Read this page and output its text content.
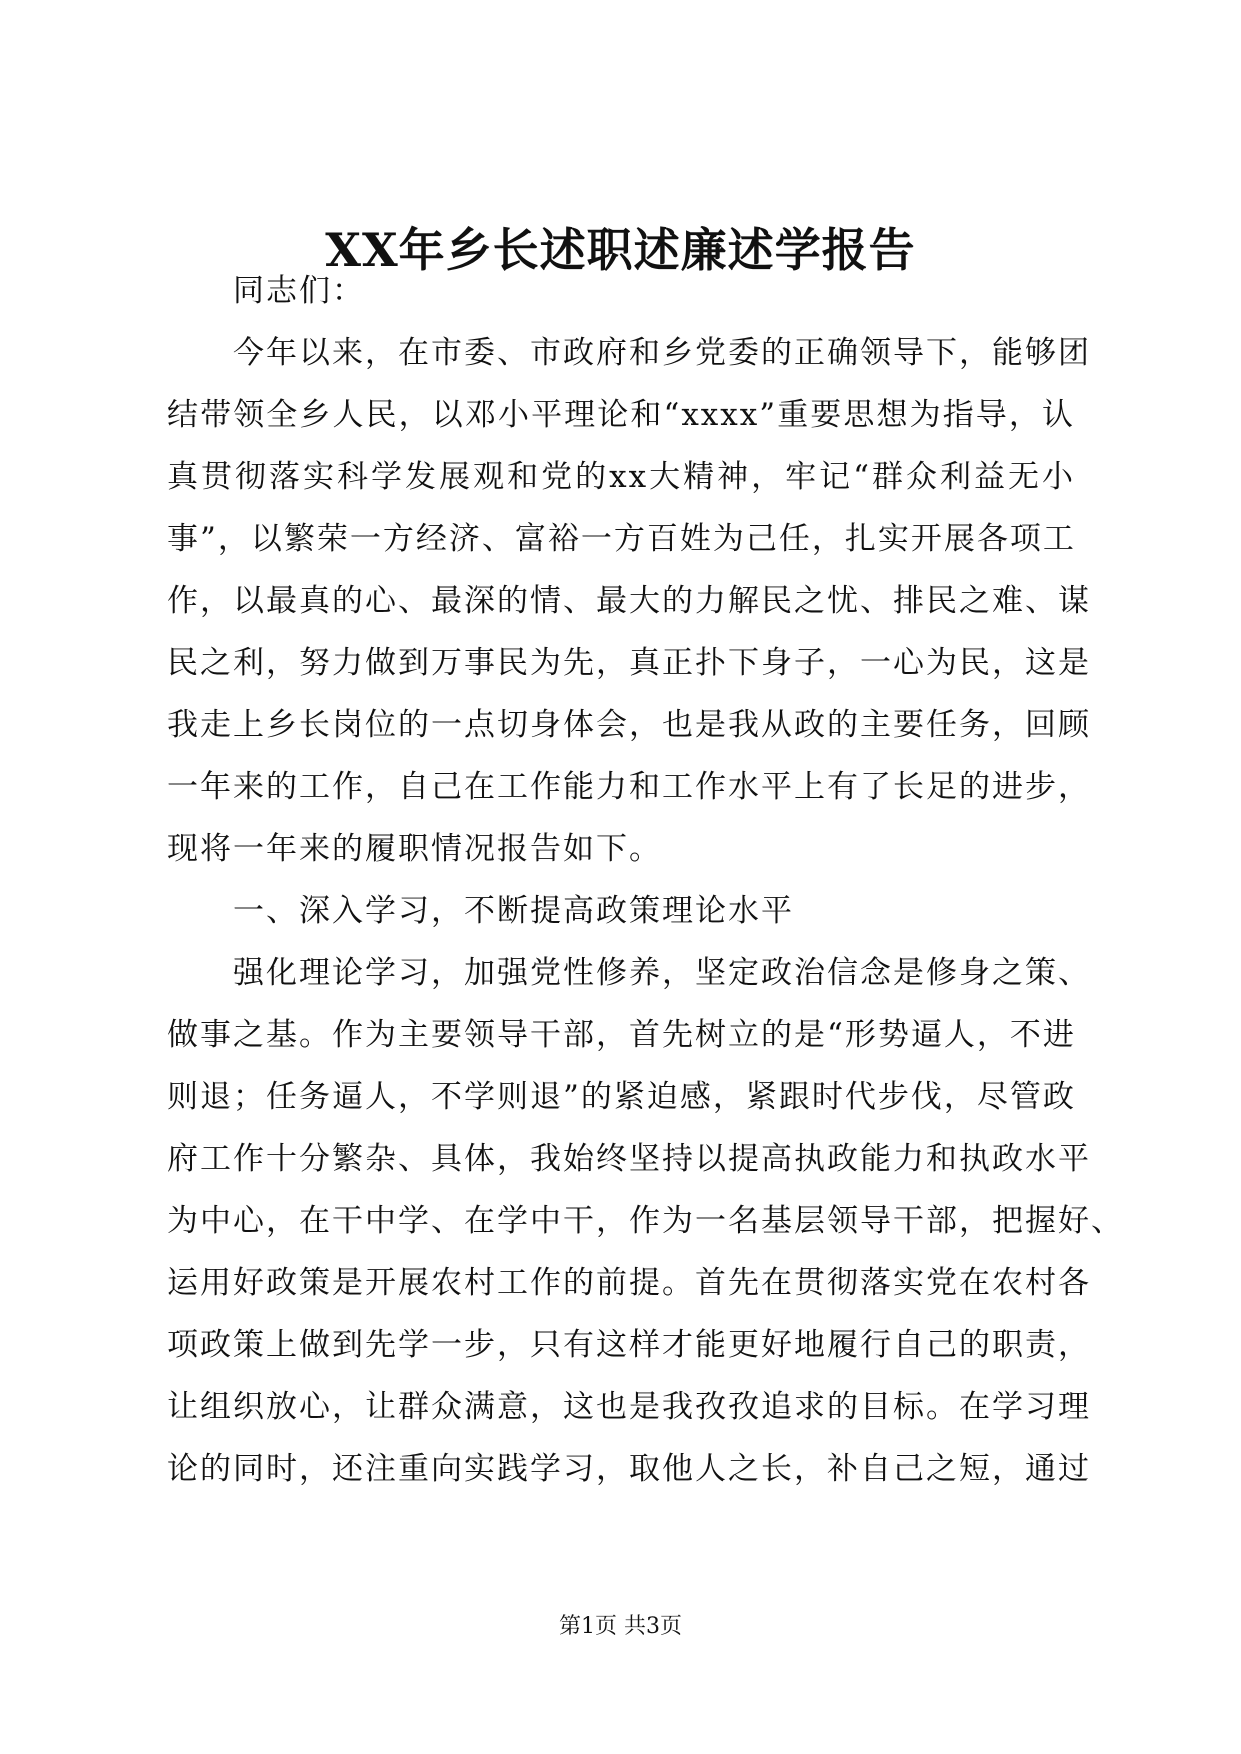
XX年乡长述职述廉述学报告
同志们：
今年以来，在市委、市政府和乡党委的正确领导下，能够团
结带领全乡人民，以邓小平理论和“xxxx”重要思想为指导，认
真贯彻落实科学发展观和党的xx大精神，牢记“群众利益无小
事”，以繁荣一方经济、富裕一方百姓为己任，扎实开展各项工
作，以最真的心、最深的情、最大的力解民之忧、排民之难、谋
民之利，努力做到万事民为先，真正扑下身子，一心为民，这是
我走上乡长岗位的一点切身体会，也是我从政的主要任务，回顾
一年来的工作，自己在工作能力和工作水平上有了长足的进步，
现将一年来的履职情况报告如下。
一、深入学习，不断提高政策理论水平
强化理论学习，加强党性修养，坚定政治信念是修身之策、
做事之基。作为主要领导干部，首先树立的是“形势逼人，不进
则退；任务逼人，不学则退”的紧迫感，紧跟时代步伐，尽管政
府工作十分繁杂、具体，我始终坚持以提高执政能力和执政水平
为中心，在干中学、在学中干，作为一名基层领导干部，把握好、
运用好政策是开展农村工作的前提。首先在贯彻落实党在农村各
项政策上做到先学一步，只有这样才能更好地履行自己的职责，
让组织放心，让群众满意，这也是我孜孜追求的目标。在学习理
论的同时，还注重向实践学习，取他人之长，补自己之短，通过
第1页 共3页
